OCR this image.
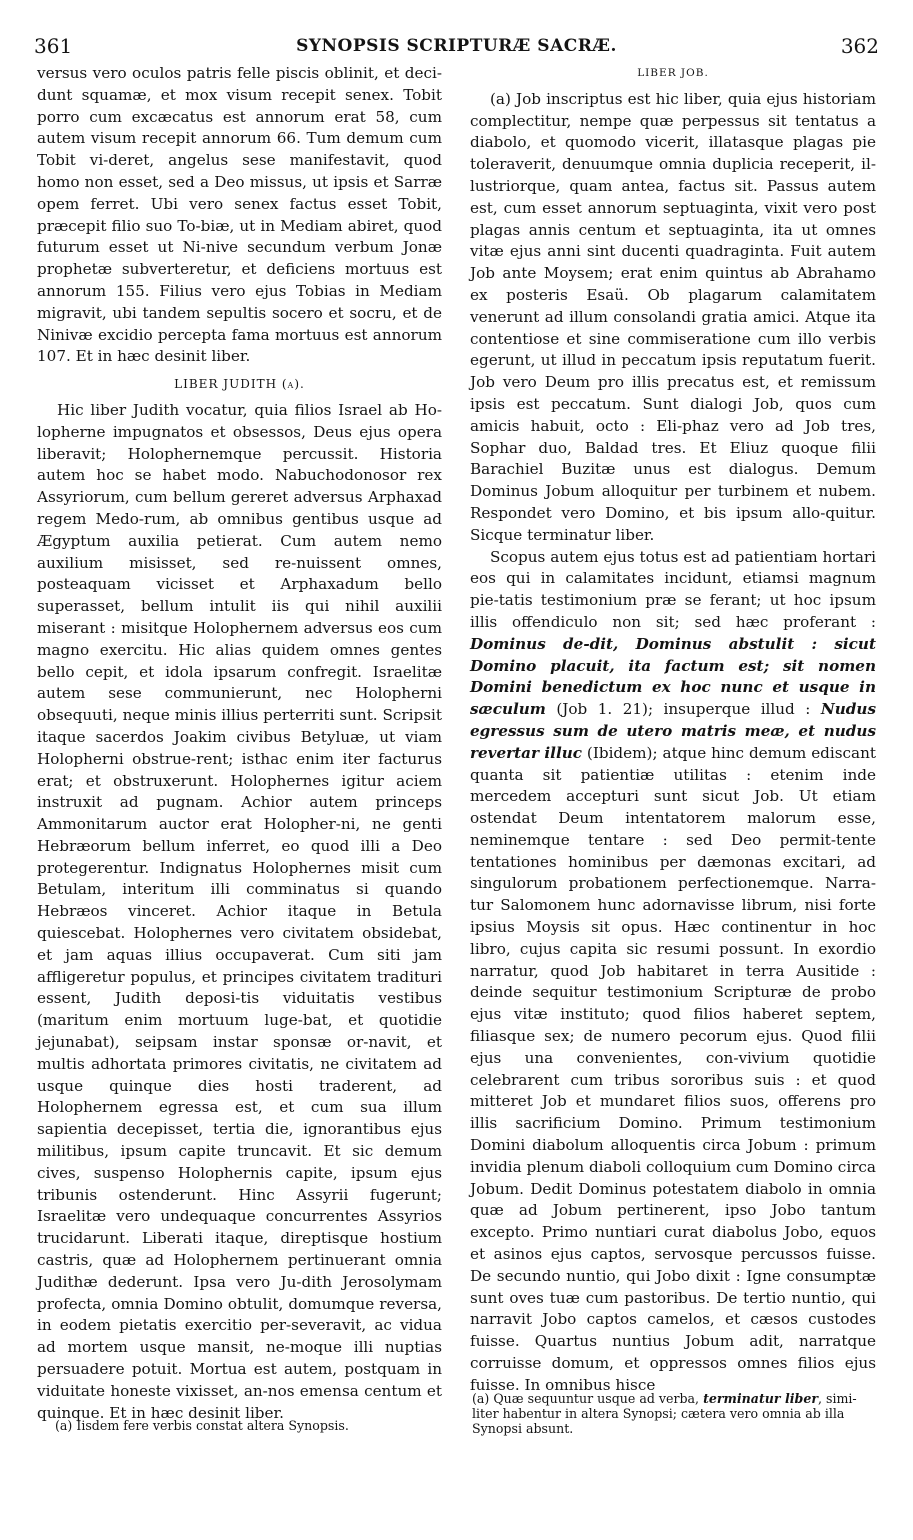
361	SYNOPSIS SCRIPTURÆ SACRÆ.	362

versus vero oculos patris felle piscis oblinit, et deci-dunt squamæ, et mox visum recepit senex. Tobit porro cum excæcatus est annorum erat 58, cum autem visum recepit annorum 66. Tum demum cum Tobit vi-deret, angelus sese manifestavit, quod homo non esset, sed a Deo missus, ut ipsis et Sarræ opem ferret. Ubi vero senex factus esset Tobit, præcepit filio suo To-biæ, ut in Mediam abiret, quod futurum esset ut Ni-nive secundum verbum Jonæ prophetæ subverteretur, et deficiens mortuus est annorum 155. Filius vero ejus Tobias in Mediam migravit, ubi tandem sepultis socero et socru, et de Ninivæ excidio percepta fama mortuus est annorum 107. Et in hæc desinit liber.

LIBER JUDITH (a).

Hic liber Judith vocatur, quia filios Israel ab Ho-lopherne impugnatos et obsessos, Deus ejus opera liberavit; Holophernemque percussit. Historia autem hoc se habet modo. Nabuchodonosor rex Assyriorum, cum bellum gereret adversus Arphaxad regem Medo-rum, ab omnibus gentibus usque ad Ægyptum auxilia petierat. Cum autem nemo auxilium misisset, sed re-nuissent omnes, posteaquam vicisset et Arphaxadum bello superasset, bellum intulit iis qui nihil auxilii miserant : misitque Holophernem adversus eos cum magno exercitu. Hic alias quidem omnes gentes bello cepit, et idola ipsarum confregit. Israelitæ autem sese communierunt, nec Holopherni obsequuti, neque minis illius perterriti sunt. Scripsit itaque sacerdos Joakim civibus Betyluæ, ut viam Holopherni obstrue-rent; isthac enim iter facturus erat; et obstruxerunt. Holophernes igitur aciem instruxit ad pugnam. Achior autem princeps Ammonitarum auctor erat Holopher-ni, ne genti Hebræorum bellum inferret, eo quod illi a Deo protegerentur. Indignatus Holophernes misit cum Betulam, interitum illi comminatus si quando Hebræos vinceret. Achior itaque in Betula quiescebat. Holophernes vero civitatem obsidebat, et jam aquas illius occupaverat. Cum siti jam affligeretur populus, et principes civitatem tradituri essent, Judith deposi-tis viduitatis vestibus (maritum enim mortuum luge-bat, et quotidie jejunabat), seipsam instar sponsæ or-navit, et multis adhortata primores civitatis, ne civitatem ad usque quinque dies hosti traderent, ad Holophernem egressa est, et cum sua illum sapientia decepisset, tertia die, ignorantibus ejus militibus, ipsum capite truncavit. Et sic demum cives, suspenso Holophernis capite, ipsum ejus tribunis ostenderunt. Hinc Assyrii fugerunt; Israelitæ vero undequaque concurrentes Assyrios trucidarunt. Liberati itaque, direptisque hostium castris, quæ ad Holophernem pertinuerant omnia Judithæ dederunt. Ipsa vero Ju-dith Jerosolymam profecta, omnia Domino obtulit, domumque reversa, in eodem pietatis exercitio per-severavit, ac vidua ad mortem usque mansit, ne-moque illi nuptias persuadere potuit. Mortua est autem, postquam in viduitate honeste vixisset, an-nos emensa centum et quinque. Et in hæc desinit liber.

(a) Iisdem fere verbis constat altera Synopsis.
LIBER JOB.

(a) Job inscriptus est hic liber, quia ejus historiam complectitur, nempe quæ perpessus sit tentatus a diabolo, et quomodo vicerit, illatasque plagas pie toleraverit, denuumque omnia duplicia receperit, il-lustriorque, quam antea, factus sit. Passus autem est, cum esset annorum septuaginta, vixit vero post plagas annis centum et septuaginta, ita ut omnes vitæ ejus anni sint ducenti quadraginta. Fuit autem Job ante Moysem; erat enim quintus ab Abrahamo ex posteris Esaü. Ob plagarum calamitatem venerunt ad illum consolandi gratia amici. Atque ita contentiose et sine commiseratione cum illo verbis egerunt, ut illud in peccatum ipsis reputatum fuerit. Job vero Deum pro illis precatus est, et remissum ipsis est peccatum. Sunt dialogi Job, quos cum amicis habuit, octo : Eli-phaz vero ad Job tres, Sophar duo, Baldad tres. Et Eliuz quoque filii Barachiel Buzitæ unus est dialogus. Demum Dominus Jobum alloquitur per turbinem et nubem. Respondet vero Domino, et bis ipsum allo-quitur. Sicque terminatur liber.

Scopus autem ejus totus est ad patientiam hortari eos qui in calamitates incidunt, etiamsi magnum pie-tatis testimonium præ se ferant; ut hoc ipsum illis offendiculo non sit; sed hæc proferant : Dominus de-dit, Dominus abstulit : sicut Domino placuit, ita factum est; sit nomen Domini benedictum ex hoc nunc et usque in sæculum (Job 1. 21); insuperque illud : Nudus egressus sum de utero matris meæ, et nudus revertar illuc (Ibidem); atque hinc demum ediscant quanta sit patientiæ utilitas : etenim inde mercedem accepturi sunt sicut Job. Ut etiam ostendat Deum intentatorem malorum esse, neminemque tentare : sed Deo permit-tente tentationes hominibus per dæmonas excitari, ad singulorum probationem perfectionemque. Narra-tur Salomonem hunc adornavisse librum, nisi forte ipsius Moysis sit opus. Hæc continentur in hoc libro, cujus capita sic resumi possunt. In exordio narratur, quod Job habitaret in terra Ausitide : deinde sequitur testimonium Scripturæ de probo ejus vitæ instituto; quod filios haberet septem, filiasque sex; de numero pecorum ejus. Quod filii ejus una convenientes, con-vivium quotidie celebrarent cum tribus sororibus suis : et quod mitteret Job et mundaret filios suos, offerens pro illis sacrificium Domino. Primum testimonium Domini diabolum alloquentis circa Jobum : primum invidia plenum diaboli colloquium cum Domino circa Jobum. Dedit Dominus potestatem diabolo in omnia quæ ad Jobum pertinerent, ipso Jobo tantum excepto. Primo nuntiari curat diabolus Jobo, equos et asinos ejus captos, servosque percussos fuisse. De secundo nuntio, qui Jobo dixit : Igne consumptæ sunt oves tuæ cum pastoribus. De tertio nuntio, qui narravit Jobo captos camelos, et cæsos custodes fuisse. Quartus nuntius Jobum adit, narratque corruisse domum, et oppressos omnes filios ejus fuisse. In omnibus hisce

(a) Quæ sequuntur usque ad verba, terminatur liber, simi-liter habentur in altera Synopsi; cætera vero omnia ab illa Synopsi absunt.
